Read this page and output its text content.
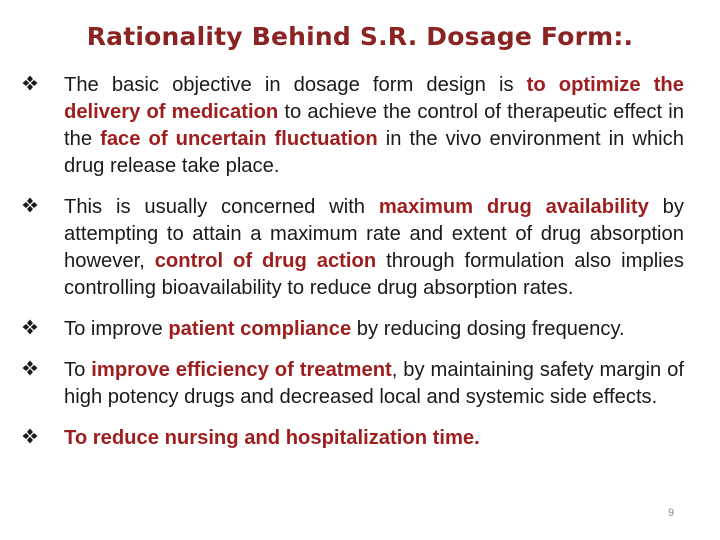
Rationality Behind S.R. Dosage Form:.
The basic objective in dosage form design is to optimize the delivery of medication to achieve the control of therapeutic effect in the face of uncertain fluctuation in the vivo environment in which drug release take place.
This is usually concerned with maximum drug availability by attempting to attain a maximum rate and extent of drug absorption however, control of drug action through formulation also implies controlling bioavailability to reduce drug absorption rates.
To improve patient compliance by reducing dosing frequency.
To improve efficiency of treatment, by maintaining safety margin of high potency drugs and decreased local and systemic side effects.
To reduce nursing and hospitalization time.
9
